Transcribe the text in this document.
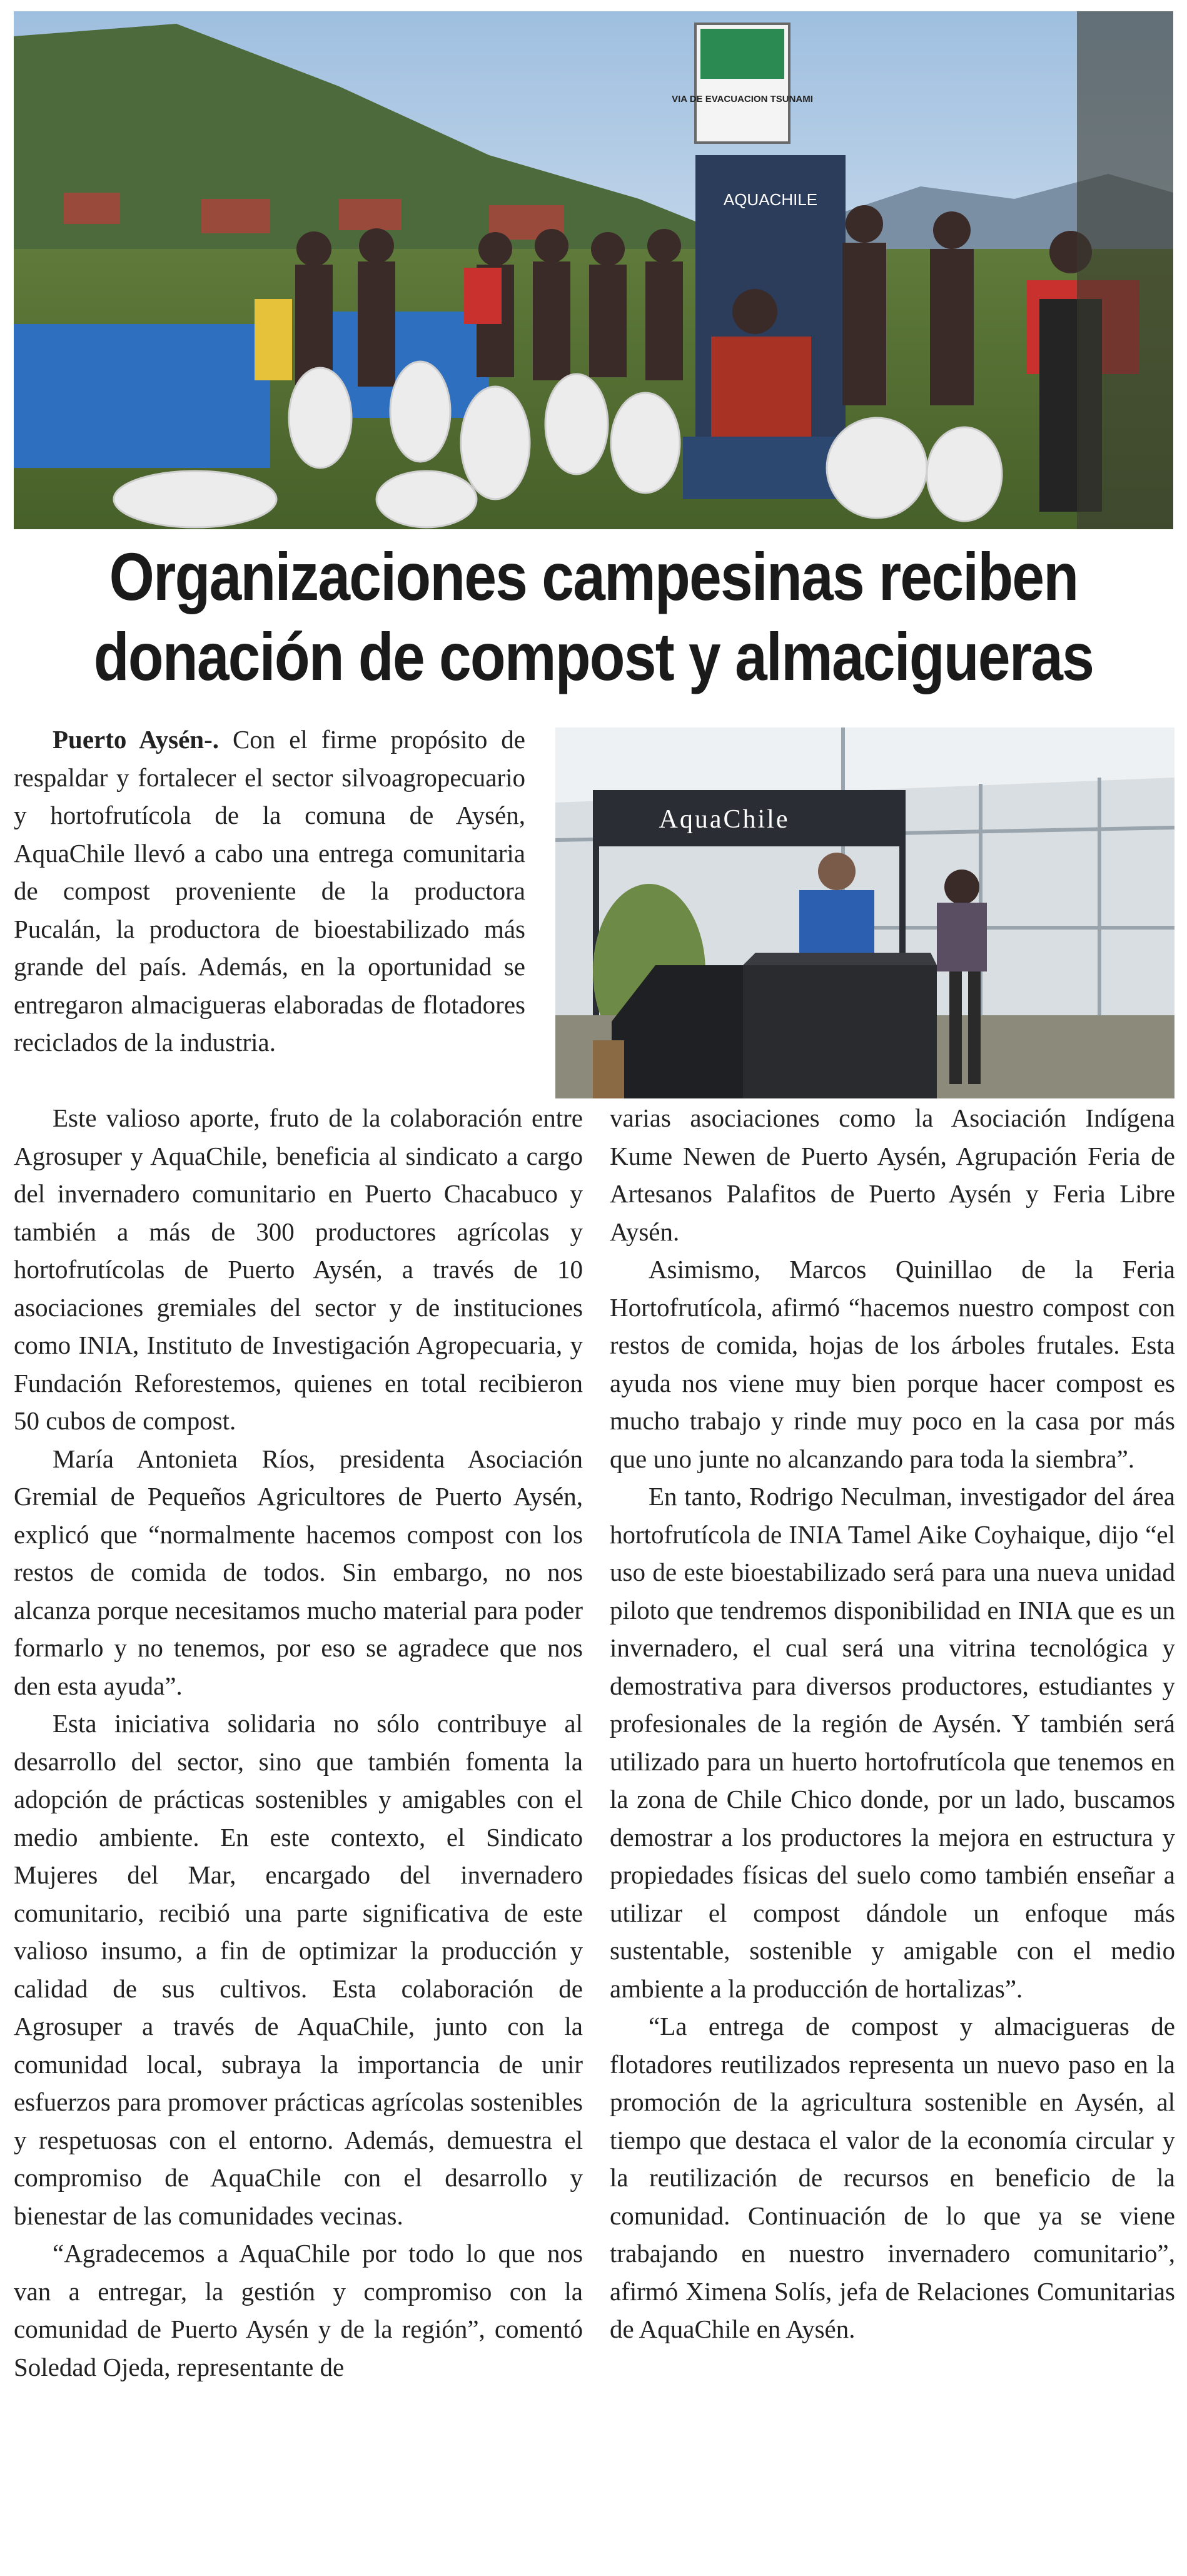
VIA DE EVACUACION TSUNAMI
AQUACHILE
Organizaciones campesinas reciben
donación de compost y almacigueras
AquaChile

Puerto Aysén-. Con el firme propósito de respaldar y fortalecer el sector silvoagropecuario y hortofrutícola de la comuna de Aysén, AquaChile llevó a cabo una entrega comunitaria de compost proveniente de la productora Pucalán, la productora de bioestabilizado más grande del país. Además, en la oportunidad se entregaron almacigueras elaboradas de flotadores reciclados de la industria.

Este valioso aporte, fruto de la colaboración entre Agrosuper y AquaChile, beneficia al sindicato a cargo del invernadero comunitario en Puerto Chacabuco y también a más de 300 productores agrícolas y hortofrutícolas de Puerto Aysén, a través de 10 asociaciones gremiales del sector y de instituciones como INIA, Instituto de Investigación Agropecuaria, y Fundación Reforestemos, quienes en total recibieron 50 cubos de compost.

María Antonieta Ríos, presidenta Asociación Gremial de Pequeños Agricultores de Puerto Aysén, explicó que “normalmente hacemos compost con los restos de comida de todos. Sin embargo, no nos alcanza porque necesitamos mucho material para poder formarlo y no tenemos, por eso se agradece que nos den esta ayuda”.

Esta iniciativa solidaria no sólo contribuye al desarrollo del sector, sino que también fomenta la adopción de prácticas sostenibles y amigables con el medio ambiente. En este contexto, el Sindicato Mujeres del Mar, encargado del invernadero comunitario, recibió una parte significativa de este valioso insumo, a fin de optimizar la producción y calidad de sus cultivos. Esta colaboración de Agrosuper a través de AquaChile, junto con la comunidad local, subraya la importancia de unir esfuerzos para promover prácticas agrícolas sostenibles y respetuosas con el entorno. Además, demuestra el compromiso de AquaChile con el desarrollo y bienestar de las comunidades vecinas.

“Agradecemos a AquaChile por todo lo que nos van a entregar, la gestión y compromiso con la comunidad de Puerto Aysén y de la región”, comentó Soledad Ojeda, representante de

varias asociaciones como la Asociación Indígena Kume Newen de Puerto Aysén, Agrupación Feria de Artesanos Palafitos de Puerto Aysén y Feria Libre Aysén.

Asimismo, Marcos Quinillao de la Feria Hortofrutícola, afirmó “hacemos nuestro compost con restos de comida, hojas de los árboles frutales. Esta ayuda nos viene muy bien porque hacer compost es mucho trabajo y rinde muy poco en la casa por más que uno junte no alcanzando para toda la siembra”.

En tanto, Rodrigo Neculman, investigador del área hortofrutícola de INIA Tamel Aike Coyhaique, dijo “el uso de este bioestabilizado será para una nueva unidad piloto que tendremos disponibilidad en INIA que es un invernadero, el cual será una vitrina tecnológica y demostrativa para diversos productores, estudiantes y profesionales de la región de Aysén. Y también será utilizado para un huerto hortofrutícola que tenemos en la zona de Chile Chico donde, por un lado, buscamos demostrar a los productores la mejora en estructura y propiedades físicas del suelo como también enseñar a utilizar el compost dándole un enfoque más sustentable, sostenible y amigable con el medio ambiente a la producción de hortalizas”.

“La entrega de compost y almacigueras de flotadores reutilizados representa un nuevo paso en la promoción de la agricultura sostenible en Aysén, al tiempo que destaca el valor de la economía circular y la reutilización de recursos en beneficio de la comunidad. Continuación de lo que ya se viene trabajando en nuestro invernadero comunitario”, afirmó Ximena Solís, jefa de Relaciones Comunitarias de AquaChile en Aysén.
